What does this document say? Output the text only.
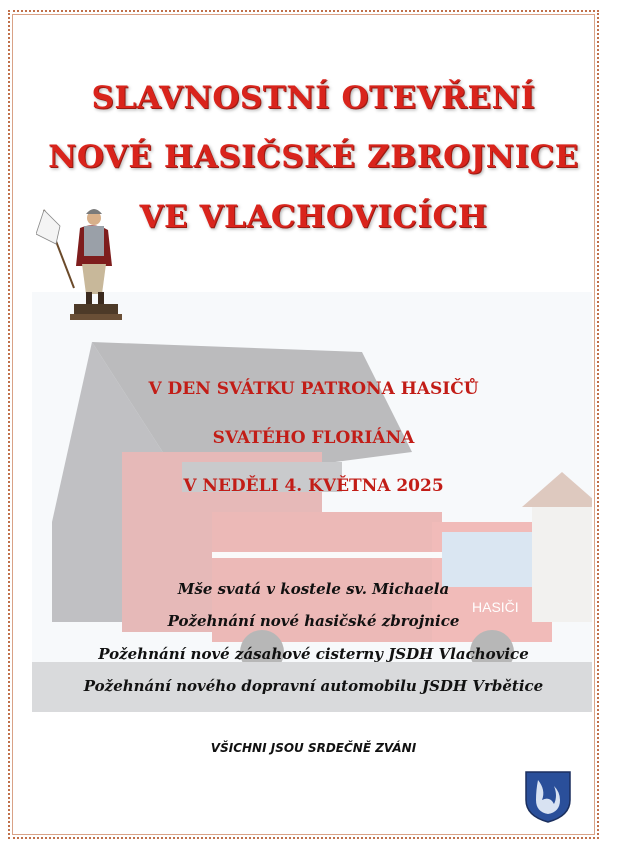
HASIČI
SLAVNOSTNÍ OTEVŘENÍ
NOVÉ HASIČSKÉ ZBROJNICE
VE VLACHOVICÍCH
V DEN SVÁTKU PATRONA HASIČŮ
SVATÉHO FLORIÁNA
V NEDĚLI 4. KVĚTNA 2025
Mše svatá v kostele sv. Michaela
Požehnání nové hasičské zbrojnice
Požehnání nové zásahové cisterny JSDH Vlachovice
Požehnání nového dopravní automobilu JSDH Vrbětice
VŠICHNI JSOU SRDEČNĚ ZVÁNI
